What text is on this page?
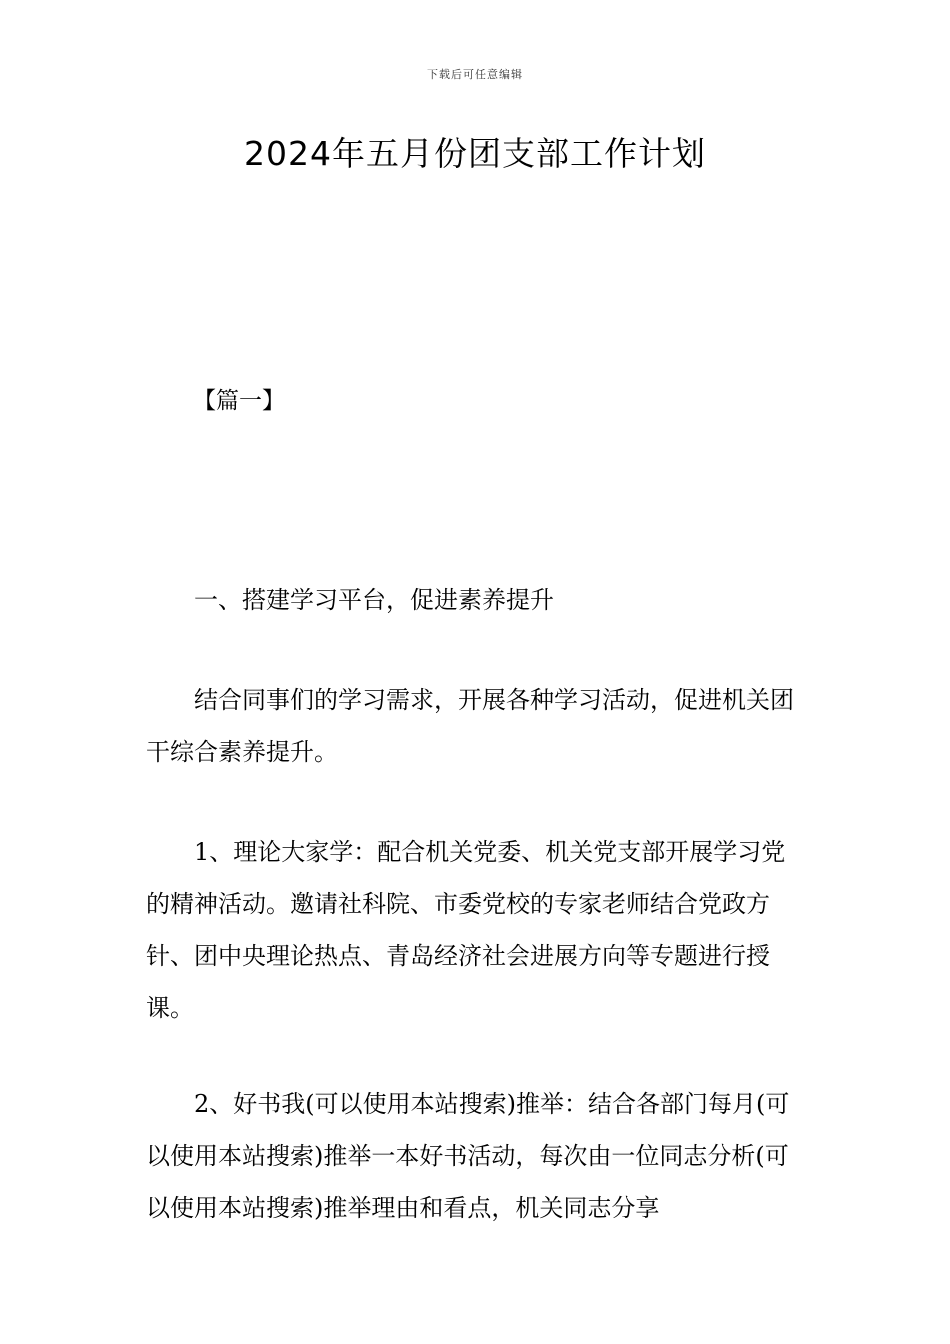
下载后可任意编辑
2024年五月份团支部工作计划

【篇一】

一、搭建学习平台，促进素养提升

结合同事们的学习需求，开展各种学习活动，促进机关团干综合素养提升。

1、理论大家学：配合机关党委、机关党支部开展学习党的精神活动。邀请社科院、市委党校的专家老师结合党政方针、团中央理论热点、青岛经济社会进展方向等专题进行授课。

2、好书我(可以使用本站搜索)推举：结合各部门每月(可以使用本站搜索)推举一本好书活动，每次由一位同志分析(可以使用本站搜索)推举理由和看点，机关同志分享
